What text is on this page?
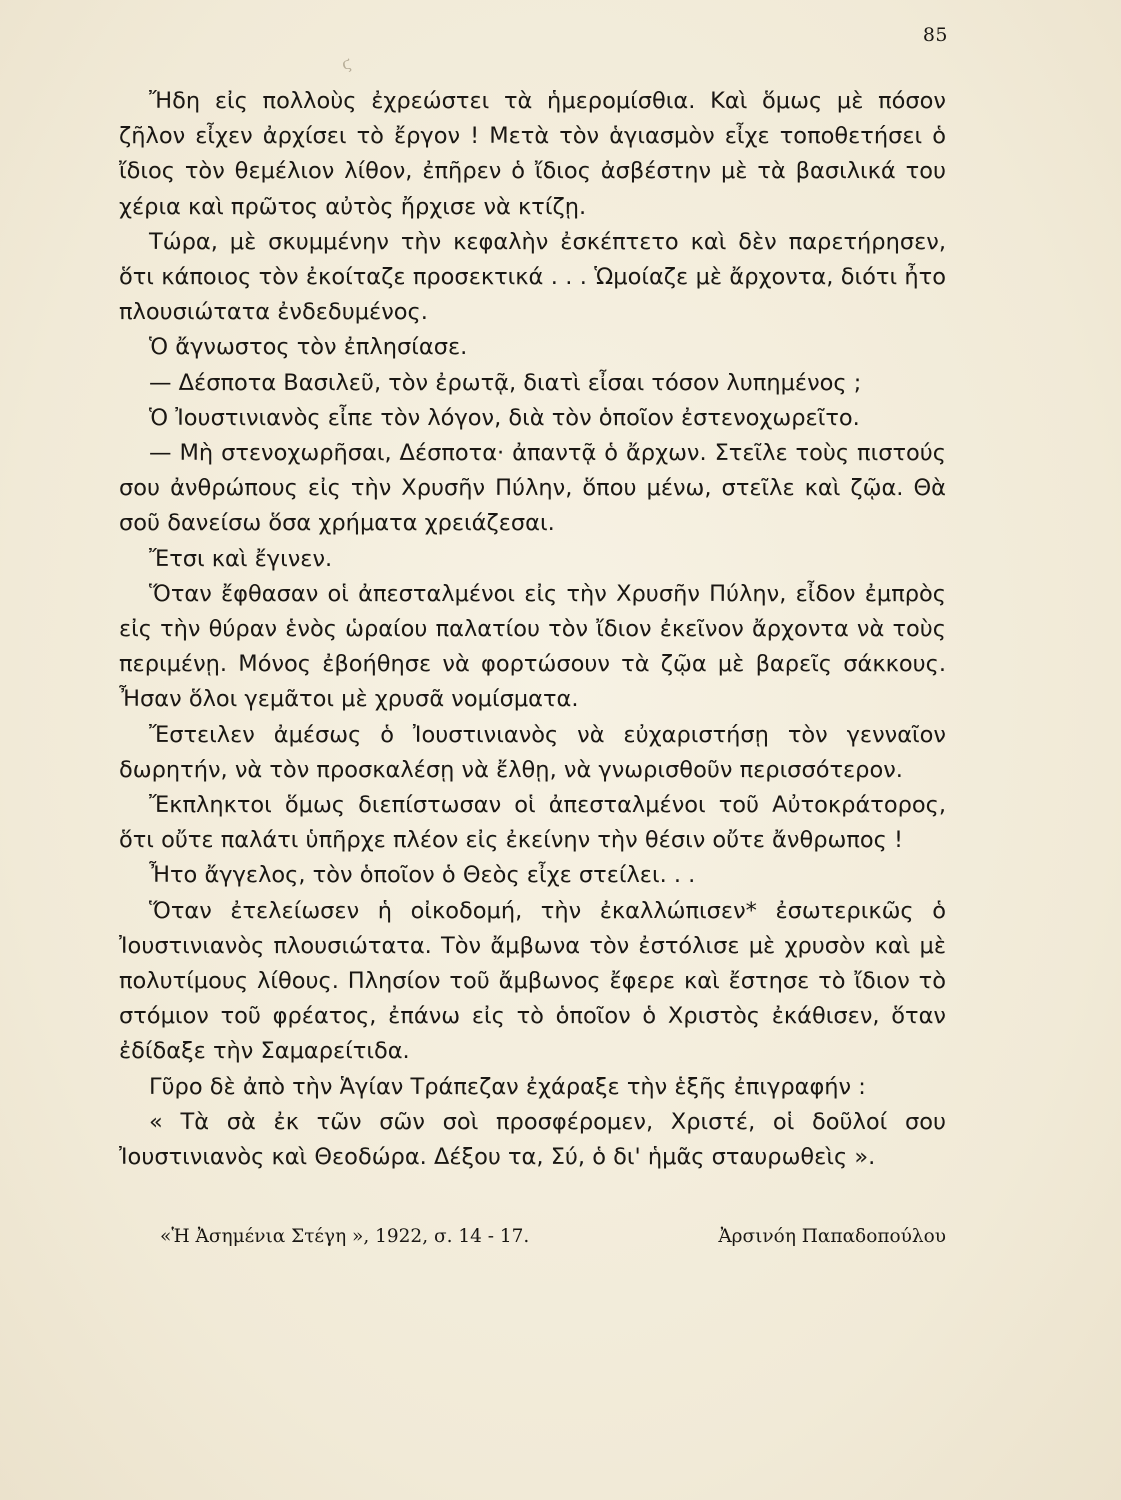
ϛ
85

Ἤδη εἰς πολλοὺς ἐχρεώστει τὰ ἡμερομίσθια. Καὶ ὅμως μὲ πόσον ζῆλον εἶχεν ἀρχίσει τὸ ἔργον ! Μετὰ τὸν ἁγιασμὸν εἶχε τοποθετήσει ὁ ἴδιος τὸν θεμέλιον λίθον, ἐπῆρεν ὁ ἴδιος ἀσβέστην μὲ τὰ βασιλικά του χέρια καὶ πρῶτος αὐτὸς ἤρχισε νὰ κτίζῃ.

Τώρα, μὲ σκυμμένην τὴν κεφαλὴν ἐσκέπτετο καὶ δὲν παρετήρησεν, ὅτι κάποιος τὸν ἐκοίταζε προσεκτικά . . . Ὡμοίαζε μὲ ἄρχοντα, διότι ἦτο πλουσιώτατα ἐνδεδυμένος.

Ὁ ἄγνωστος τὸν ἐπλησίασε.

— Δέσποτα Βασιλεῦ, τὸν ἐρωτᾷ, διατὶ εἶσαι τόσον λυπημένος ;

Ὁ Ἰουστινιανὸς εἶπε τὸν λόγον, διὰ τὸν ὁποῖον ἐστενοχωρεῖτο.

— Μὴ στενοχωρῆσαι, Δέσποτα· ἀπαντᾷ ὁ ἄρχων. Στεῖλε τοὺς πιστούς σου ἀνθρώπους εἰς τὴν Χρυσῆν Πύλην, ὅπου μένω, στεῖλε καὶ ζῷα. Θὰ σοῦ δανείσω ὅσα χρήματα χρειάζεσαι.

Ἔτσι καὶ ἔγινεν.

Ὅταν ἔφθασαν οἱ ἀπεσταλμένοι εἰς τὴν Χρυσῆν Πύλην, εἶδον ἐμπρὸς εἰς τὴν θύραν ἑνὸς ὡραίου παλατίου τὸν ἴδιον ἐκεῖνον ἄρχοντα νὰ τοὺς περιμένῃ. Μόνος ἐβοήθησε νὰ φορτώσουν τὰ ζῷα μὲ βαρεῖς σάκκους. Ἦσαν ὅλοι γεμᾶτοι μὲ χρυσᾶ νομίσματα.

Ἔστειλεν ἀμέσως ὁ Ἰουστινιανὸς νὰ εὐχαριστήσῃ τὸν γενναῖον δωρητήν, νὰ τὸν προσκαλέσῃ νὰ ἔλθῃ, νὰ γνωρισθοῦν περισσότερον.

Ἔκπληκτοι ὅμως διεπίστωσαν οἱ ἀπεσταλμένοι τοῦ Αὐτοκράτορος, ὅτι οὔτε παλάτι ὑπῆρχε πλέον εἰς ἐκείνην τὴν θέσιν οὔτε ἄνθρωπος !

Ἦτο ἄγγελος, τὸν ὁποῖον ὁ Θεὸς εἶχε στείλει. . .

Ὅταν ἐτελείωσεν ἡ οἰκοδομή, τὴν ἐκαλλώπισεν* ἐσωτερικῶς ὁ Ἰουστινιανὸς πλουσιώτατα. Τὸν ἄμβωνα τὸν ἐστόλισε μὲ χρυσὸν καὶ μὲ πολυτίμους λίθους. Πλησίον τοῦ ἄμβωνος ἔφερε καὶ ἔστησε τὸ ἴδιον τὸ στόμιον τοῦ φρέατος, ἐπάνω εἰς τὸ ὁποῖον ὁ Χριστὸς ἐκάθισεν, ὅταν ἐδίδαξε τὴν Σαμαρείτιδα.

Γῦρο δὲ ἀπὸ τὴν Ἁγίαν Τράπεζαν ἐχάραξε τὴν ἑξῆς ἐπιγραφήν :

« Τὰ σὰ ἐκ τῶν σῶν σοὶ προσφέρομεν, Χριστέ, οἱ δοῦλοί σου Ἰουστινιανὸς καὶ Θεοδώρα. Δέξου τα, Σύ, ὁ δι' ἡμᾶς σταυρωθεὶς ».

«Ἡ Ἀσημένια Στέγη », 1922, σ. 14 - 17.	Ἀρσινόη Παπαδοπούλου
